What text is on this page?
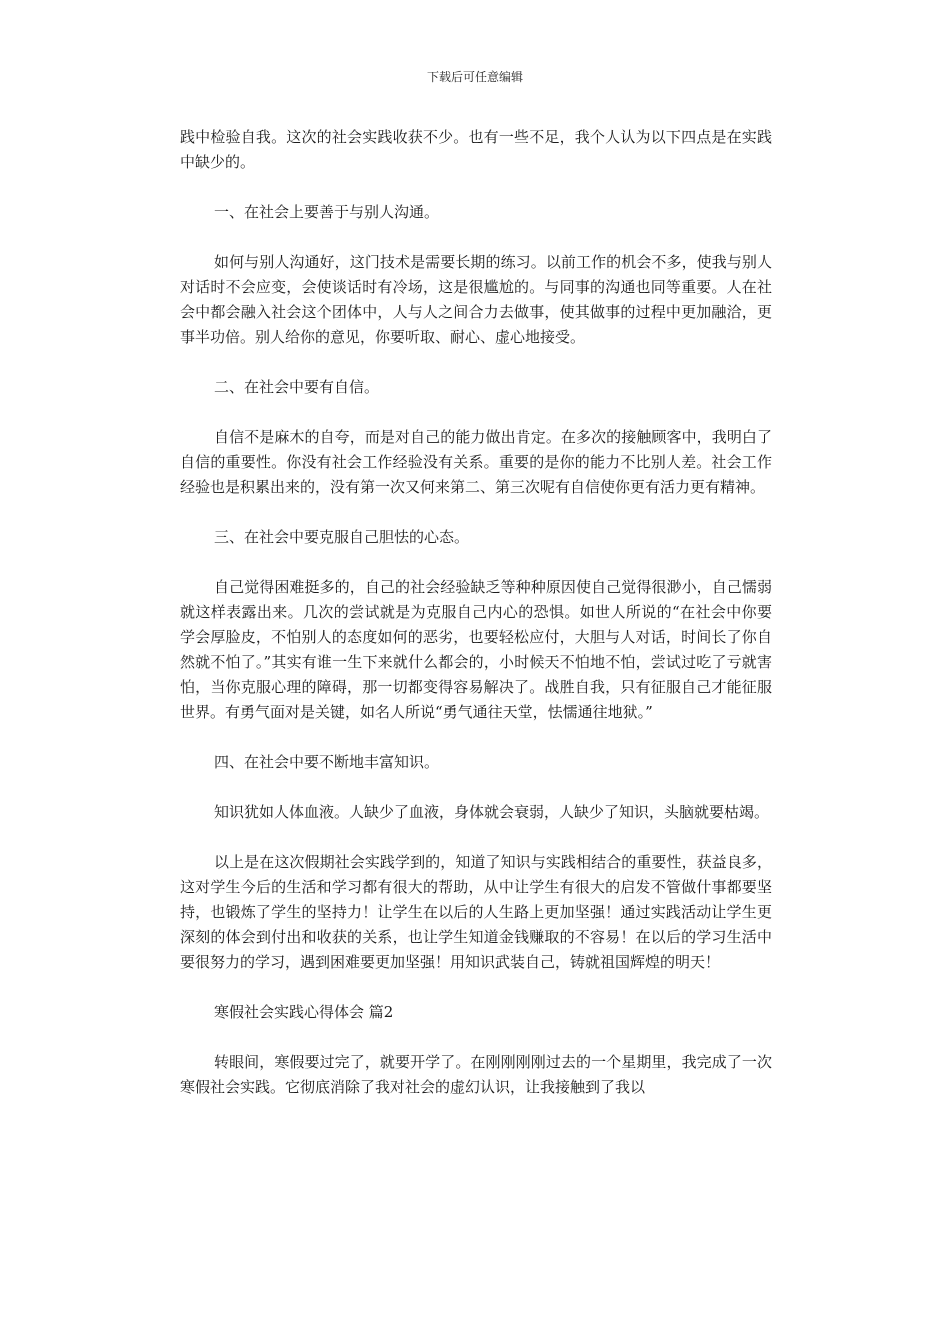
下载后可任意编辑

践中检验自我。这次的社会实践收获不少。也有一些不足，我个人认为以下四点是在实践中缺少的。

一、在社会上要善于与别人沟通。

如何与别人沟通好，这门技术是需要长期的练习。以前工作的机会不多，使我与别人对话时不会应变，会使谈话时有冷场，这是很尴尬的。与同事的沟通也同等重要。人在社会中都会融入社会这个团体中，人与人之间合力去做事，使其做事的过程中更加融洽，更事半功倍。别人给你的意见，你要听取、耐心、虚心地接受。

二、在社会中要有自信。

自信不是麻木的自夸，而是对自己的能力做出肯定。在多次的接触顾客中，我明白了自信的重要性。你没有社会工作经验没有关系。重要的是你的能力不比别人差。社会工作经验也是积累出来的，没有第一次又何来第二、第三次呢有自信使你更有活力更有精神。

三、在社会中要克服自己胆怯的心态。

自己觉得困难挺多的，自己的社会经验缺乏等种种原因使自己觉得很渺小，自己懦弱就这样表露出来。几次的尝试就是为克服自己内心的恐惧。如世人所说的“在社会中你要学会厚脸皮，不怕别人的态度如何的恶劣，也要轻松应付，大胆与人对话，时间长了你自然就不怕了。”其实有谁一生下来就什么都会的，小时候天不怕地不怕，尝试过吃了亏就害怕，当你克服心理的障碍，那一切都变得容易解决了。战胜自我，只有征服自己才能征服世界。有勇气面对是关键，如名人所说“勇气通往天堂，怯懦通往地狱。”

四、在社会中要不断地丰富知识。

知识犹如人体血液。人缺少了血液，身体就会衰弱，人缺少了知识，头脑就要枯竭。

以上是在这次假期社会实践学到的，知道了知识与实践相结合的重要性，获益良多，这对学生今后的生活和学习都有很大的帮助，从中让学生有很大的启发不管做什事都要坚持，也锻炼了学生的坚持力！让学生在以后的人生路上更加坚强！通过实践活动让学生更深刻的体会到付出和收获的关系，也让学生知道金钱赚取的不容易！在以后的学习生活中要很努力的学习，遇到困难要更加坚强！用知识武装自己，铸就祖国辉煌的明天！

寒假社会实践心得体会 篇2

转眼间，寒假要过完了，就要开学了。在刚刚刚刚过去的一个星期里，我完成了一次寒假社会实践。它彻底消除了我对社会的虚幻认识，让我接触到了我以
